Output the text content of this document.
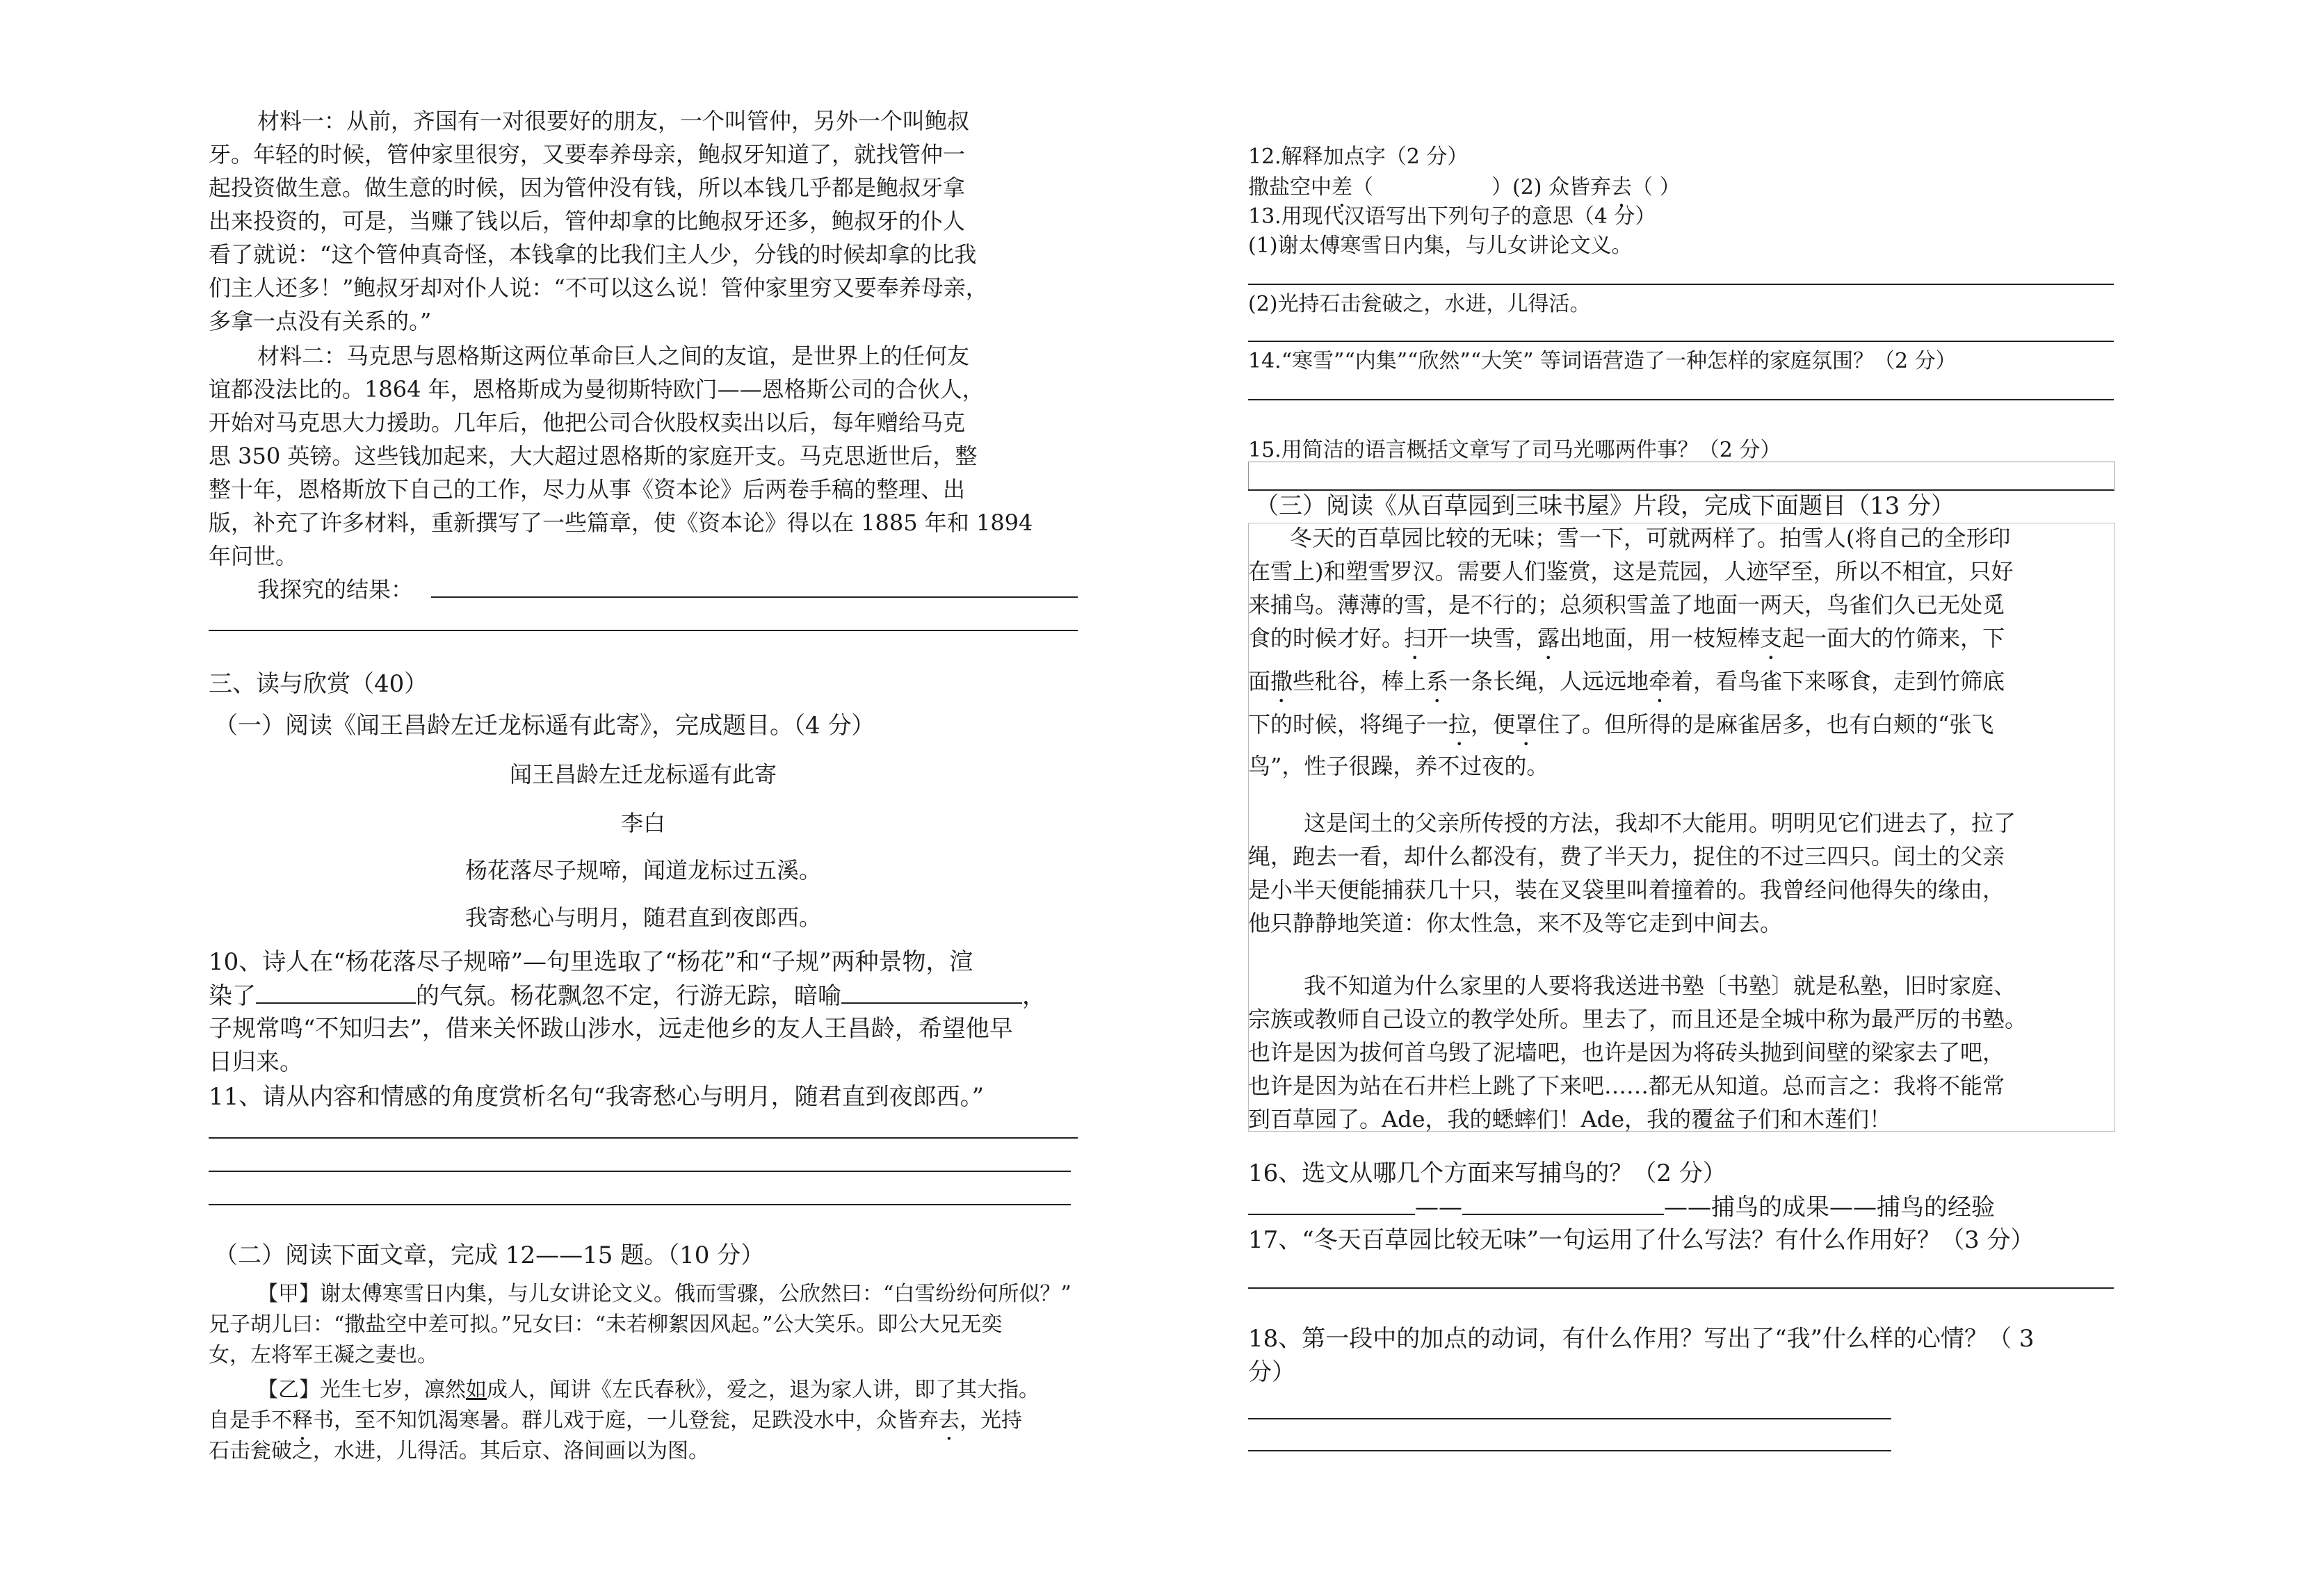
材料一：从前，齐国有一对很要好的朋友，一个叫管仲，另外一个叫鲍叔
牙。年轻的时候，管仲家里很穷，又要奉养母亲，鲍叔牙知道了，就找管仲一
起投资做生意。做生意的时候，因为管仲没有钱，所以本钱几乎都是鲍叔牙拿
出来投资的，可是，当赚了钱以后，管仲却拿的比鲍叔牙还多，鲍叔牙的仆人
看了就说：“这个管仲真奇怪，本钱拿的比我们主人少，分钱的时候却拿的比我
们主人还多！”鲍叔牙却对仆人说：“不可以这么说！管仲家里穷又要奉养母亲，
多拿一点没有关系的。”
材料二：马克思与恩格斯这两位革命巨人之间的友谊，是世界上的任何友
谊都没法比的。1864 年，恩格斯成为曼彻斯特欧门——恩格斯公司的合伙人，
开始对马克思大力援助。几年后，他把公司合伙股权卖出以后，每年赠给马克
思 350 英镑。这些钱加起来，大大超过恩格斯的家庭开支。马克思逝世后，整
整十年，恩格斯放下自己的工作，尽力从事《资本论》后两卷手稿的整理、出
版，补充了许多材料，重新撰写了一些篇章，使《资本论》得以在 1885 年和 1894
年问世。
我探究的结果：
三、读与欣赏（40）
（一）阅读《闻王昌龄左迁龙标遥有此寄》，完成题目。（4 分）
闻王昌龄左迁龙标遥有此寄
李白
杨花落尽子规啼，闻道龙标过五溪。
我寄愁心与明月，随君直到夜郎西。
10、诗人在“杨花落尽子规啼”—句里选取了“杨花”和“子规”两种景物，渲
染了	的气氛。杨花飘忽不定，行游无踪，暗喻	，
子规常鸣“不知归去”，借来关怀跋山涉水，远走他乡的友人王昌龄，希望他早
日归来。
11、请从内容和情感的角度赏析名句“我寄愁心与明月，随君直到夜郎西。”
（二）阅读下面文章，完成 12——15 题。（10 分）
【甲】谢太傅寒雪日内集，与儿女讲论文义。俄而雪骤，公欣然曰：“白雪纷纷何所似？”
兄子胡儿曰：“撒盐空中差可拟。”兄女曰：“未若柳絮因风起。”公大笑乐。即公大兄无奕
女，左将军王凝之妻也。
【乙】光生七岁，凛然如成人，闻讲《左氏春秋》，爱之，退为家人讲，即了其大指。
自是手不释书，至不知饥渴寒暑。群儿戏于庭，一儿登瓮，足跌没水中，众皆弃去，光持
石击瓮破之，水进，儿得活。其后京、洛间画以为图。
12.解释加点字（2 分）
撒盐空中差（	）(2) 众皆弃去（ ）
13.用现代汉语写出下列句子的意思（4 分）
(1)谢太傅寒雪日内集，与儿女讲论文义。
(2)光持石击瓮破之，水进，儿得活。
14.“寒雪”“内集”“欣然”“大笑” 等词语营造了一种怎样的家庭氛围？（2 分）
15.用简洁的语言概括文章写了司马光哪两件事？（2 分）
（三）阅读《从百草园到三味书屋》片段，完成下面题目（13 分）
冬天的百草园比较的无味；雪一下，可就两样了。拍雪人(将自己的全形印
在雪上)和塑雪罗汉。需要人们鉴赏，这是荒园，人迹罕至，所以不相宜，只好
来捕鸟。薄薄的雪，是不行的；总须积雪盖了地面一两天，鸟雀们久已无处觅
食的时候才好。 扫开一块雪，露出地面，用一枝短棒支起一面大的竹筛来，下
面撒些秕谷，棒上系一条长绳，人远远地牵着，看鸟雀下来啄食，走到竹筛底
下的时候，将绳子一拉，便罩住了。但所得的是麻雀居多，也有白颊的“张飞
鸟”，性子很躁，养不过夜的。
这是闰土的父亲所传授的方法，我却不大能用。明明见它们进去了，拉了
绳，跑去一看，却什么都没有，费了半天力，捉住的不过三四只。闰土的父亲
是小半天便能捕获几十只，装在叉袋里叫着撞着的。我曾经问他得失的缘由，
他只静静地笑道：你太性急，来不及等它走到中间去。
我不知道为什么家里的人要将我送进书塾〔书塾〕就是私塾，旧时家庭、
宗族或教师自己设立的教学处所。里去了，而且还是全城中称为最严厉的书塾。
也许是因为拔何首乌毁了泥墙吧，也许是因为将砖头抛到间壁的梁家去了吧，
也许是因为站在石井栏上跳了下来吧……都无从知道。总而言之：我将不能常
到百草园了。Ade，我的蟋蟀们！Ade，我的覆盆子们和木莲们！
16、选文从哪几个方面来写捕鸟的？（2 分）
——	——捕鸟的成果——捕鸟的经验
17、“冬天百草园比较无味”一句运用了什么写法？有什么作用好？（3 分）
18、第一段中的加点的动词，有什么作用？写出了“我”什么样的心情？（ 3
分）
